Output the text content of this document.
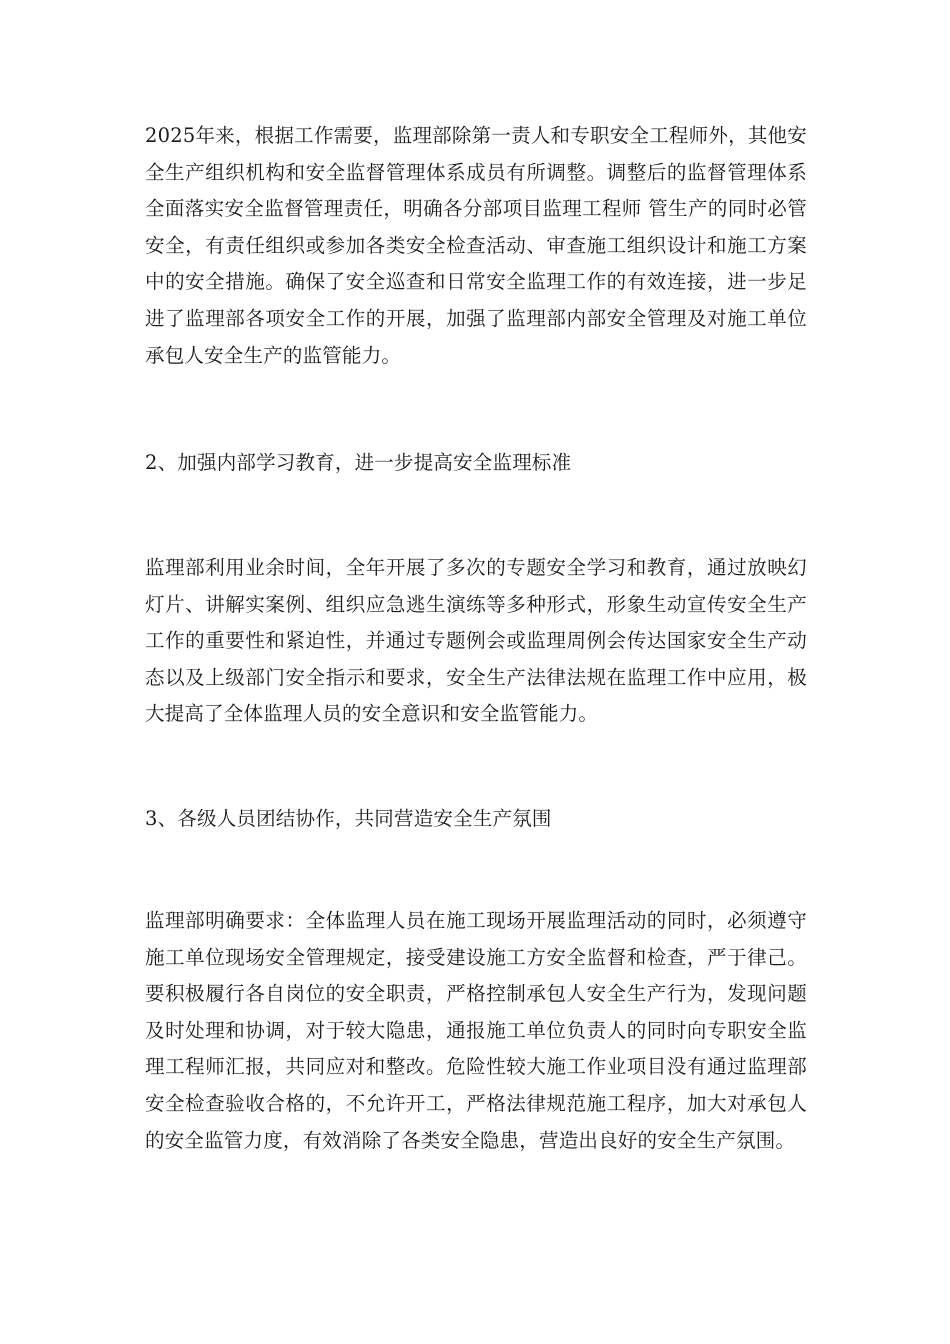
2025年来，根据工作需要，监理部除第一责人和专职安全工程师外，其他安全生产组织机构和安全监督管理体系成员有所调整。调整后的监督管理体系全面落实安全监督管理责任，明确各分部项目监理工程师 管生产的同时必管安全，有责任组织或参加各类安全检查活动、审查施工组织设计和施工方案中的安全措施。确保了安全巡查和日常安全监理工作的有效连接，进一步足进了监理部各项安全工作的开展，加强了监理部内部安全管理及对施工单位承包人安全生产的监管能力。

2、加强内部学习教育，进一步提高安全监理标准

监理部利用业余时间，全年开展了多次的专题安全学习和教育，通过放映幻灯片、讲解实案例、组织应急逃生演练等多种形式，形象生动宣传安全生产工作的重要性和紧迫性，并通过专题例会或监理周例会传达国家安全生产动态以及上级部门安全指示和要求，安全生产法律法规在监理工作中应用，极大提高了全体监理人员的安全意识和安全监管能力。

3、各级人员团结协作，共同营造安全生产氛围

监理部明确要求：全体监理人员在施工现场开展监理活动的同时，必须遵守施工单位现场安全管理规定，接受建设施工方安全监督和检查，严于律己。要积极履行各自岗位的安全职责，严格控制承包人安全生产行为，发现问题及时处理和协调，对于较大隐患，通报施工单位负责人的同时向专职安全监理工程师汇报，共同应对和整改。危险性较大施工作业项目没有通过监理部安全检查验收合格的，不允许开工，严格法律规范施工程序，加大对承包人的安全监管力度，有效消除了各类安全隐患，营造出良好的安全生产氛围。
